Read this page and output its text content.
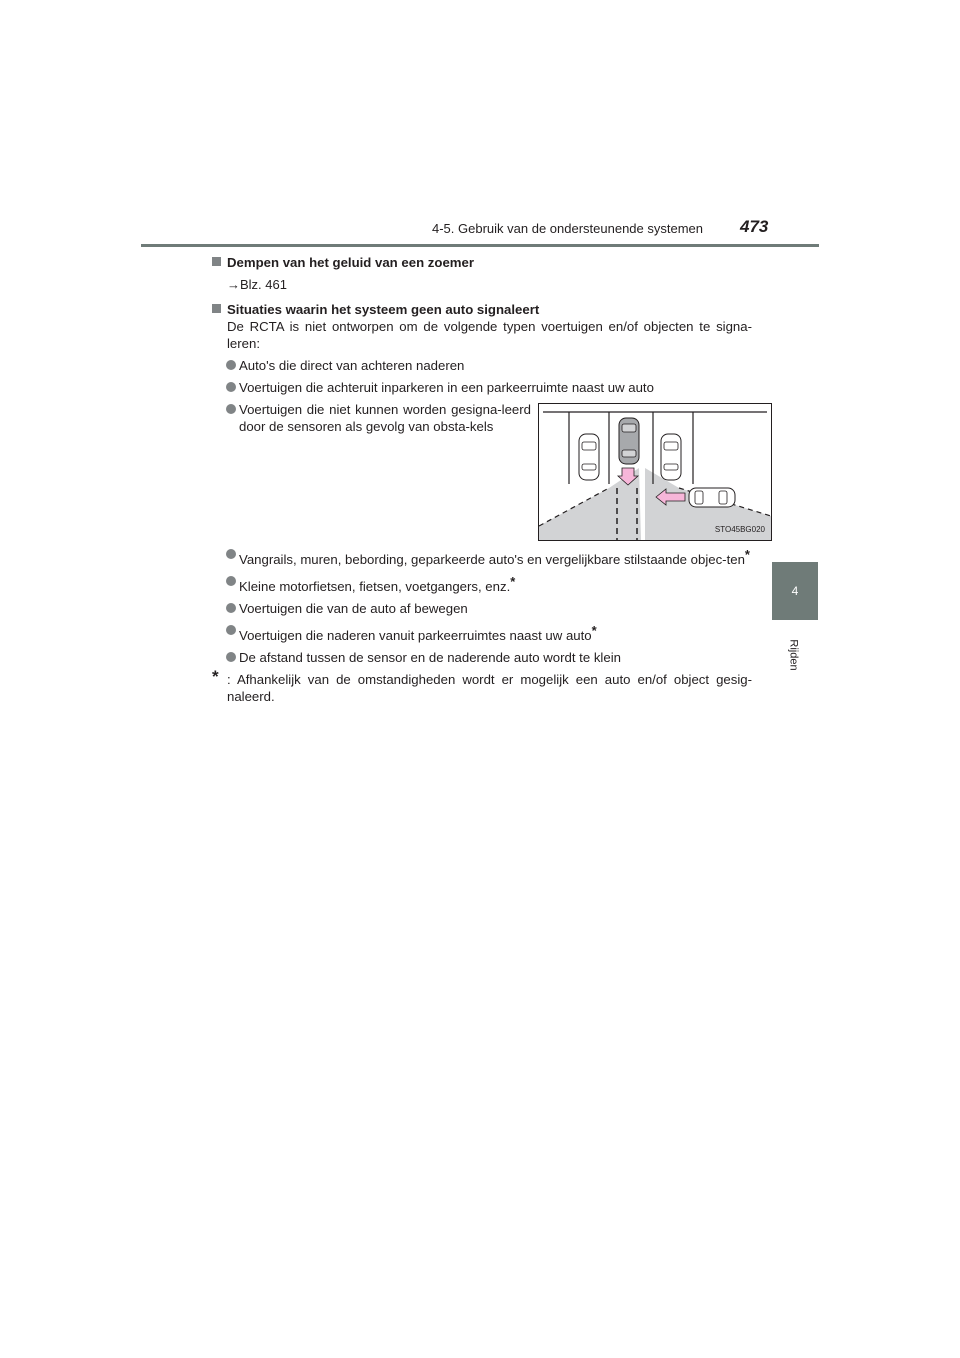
4-5. Gebruik van de ondersteunende systemen 473
4
Rijden
Dempen van het geluid van een zoemer
→Blz. 461
Situaties waarin het systeem geen auto signaleert
De RCTA is niet ontworpen om de volgende typen voertuigen en/of objecten te signa-leren:
Auto's die direct van achteren naderen
Voertuigen die achteruit inparkeren in een parkeerruimte naast uw auto
Voertuigen die niet kunnen worden gesigna-leerd door de sensoren als gevolg van obsta-kels
STO45BG020
Vangrails, muren, bebording, geparkeerde auto's en vergelijkbare stilstaande objec-ten*
Kleine motorfietsen, fietsen, voetgangers, enz.*
Voertuigen die van de auto af bewegen
Voertuigen die naderen vanuit parkeerruimtes naast uw auto*
De afstand tussen de sensor en de naderende auto wordt te klein
* : Afhankelijk van de omstandigheden wordt er mogelijk een auto en/of object gesig-naleerd.
